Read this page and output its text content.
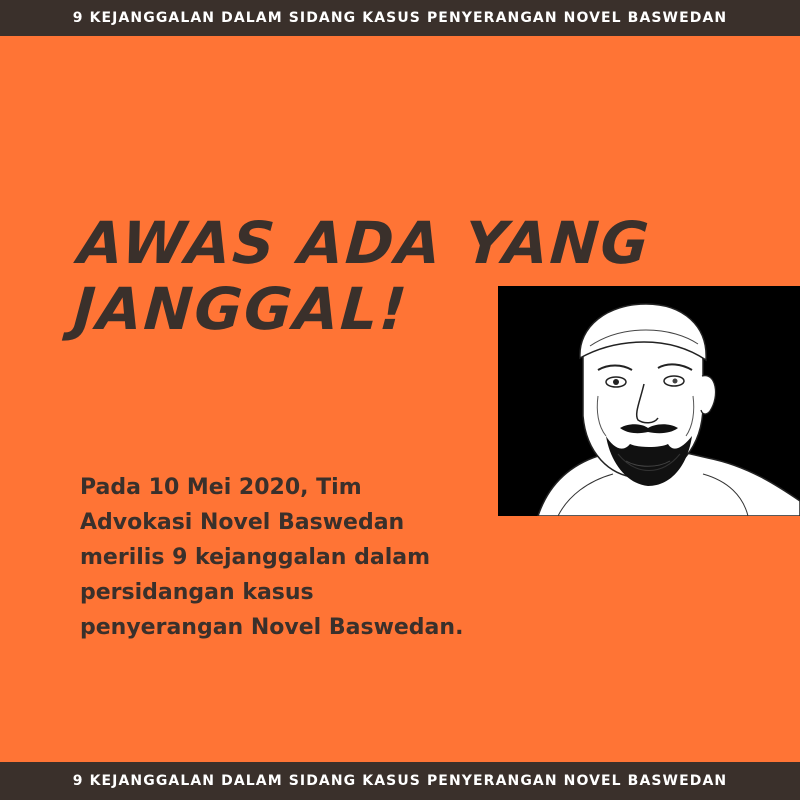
9 KEJANGGALAN DALAM SIDANG KASUS PENYERANGAN NOVEL BASWEDAN
AWAS ADA YANG
JANGGAL!

Pada 10 Mei 2020, Tim
Advokasi Novel Baswedan
merilis 9 kejanggalan dalam
persidangan kasus
penyerangan Novel Baswedan.

9 KEJANGGALAN DALAM SIDANG KASUS PENYERANGAN NOVEL BASWEDAN
